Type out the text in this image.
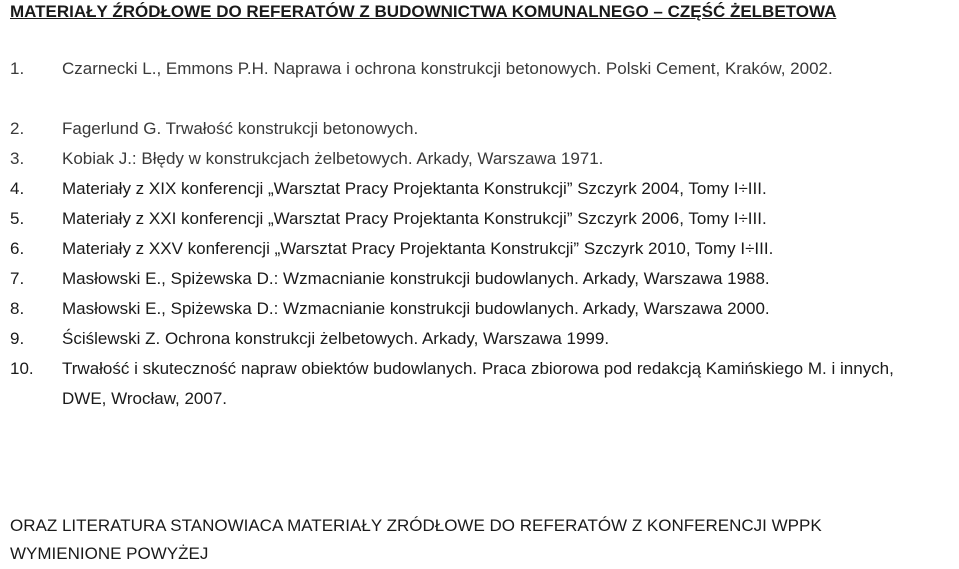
MATERIAŁY ŹRÓDŁOWE DO REFERATÓW Z BUDOWNICTWA KOMUNALNEGO – CZĘŚĆ ŻELBETOWA
1. Czarnecki L., Emmons P.H. Naprawa i ochrona konstrukcji betonowych. Polski Cement, Kraków, 2002.
2. Fagerlund G. Trwałość konstrukcji betonowych.
3. Kobiak J.: Błędy w konstrukcjach żelbetowych. Arkady, Warszawa 1971.
4. Materiały z XIX konferencji „Warsztat Pracy Projektanta Konstrukcji” Szczyrk 2004, Tomy I÷III.
5. Materiały z XXI konferencji „Warsztat Pracy Projektanta Konstrukcji” Szczyrk 2006, Tomy I÷III.
6. Materiały z XXV konferencji „Warsztat Pracy Projektanta Konstrukcji” Szczyrk 2010, Tomy I÷III.
7. Masłowski E., Spiżewska D.: Wzmacnianie konstrukcji budowlanych. Arkady, Warszawa 1988.
8. Masłowski E., Spiżewska D.: Wzmacnianie konstrukcji budowlanych. Arkady, Warszawa 2000.
9. Ściślewski Z. Ochrona konstrukcji żelbetowych. Arkady, Warszawa 1999.
10. Trwałość i skuteczność napraw obiektów budowlanych. Praca zbiorowa pod redakcją Kamińskiego M. i innych, DWE, Wrocław, 2007.
ORAZ LITERATURA STANOWIACA MATERIAŁY ZRÓDŁOWE DO REFERATÓW Z KONFERENCJI WPPK WYMIENIONE POWYŻEJ
